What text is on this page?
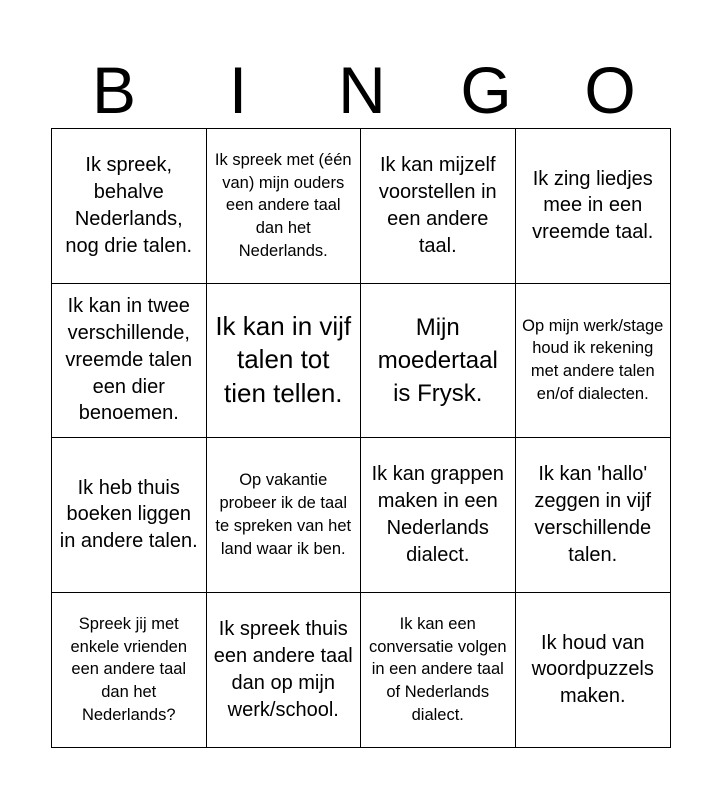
B	I	N	G	O
Ik spreek, behalve Nederlands, nog drie talen.
Ik spreek met (één van) mijn ouders een andere taal dan het Nederlands.
Ik kan mijzelf voorstellen in een andere taal.
Ik zing liedjes mee in een vreemde taal.
Ik kan in twee verschillende, vreemde talen een dier benoemen.
Ik kan in vijf talen tot tien tellen.
Mijn moedertaal is Frysk.
Op mijn werk/stage houd ik rekening met andere talen en/of dialecten.
Ik heb thuis boeken liggen in andere talen.
Op vakantie probeer ik de taal te spreken van het land waar ik ben.
Ik kan grappen maken in een Nederlands dialect.
Ik kan 'hallo' zeggen in vijf verschillende talen.
Spreek jij met enkele vrienden een andere taal dan het Nederlands?
Ik spreek thuis een andere taal dan op mijn werk/school.
Ik kan een conversatie volgen in een andere taal of Nederlands dialect.
Ik houd van woordpuzzels maken.
